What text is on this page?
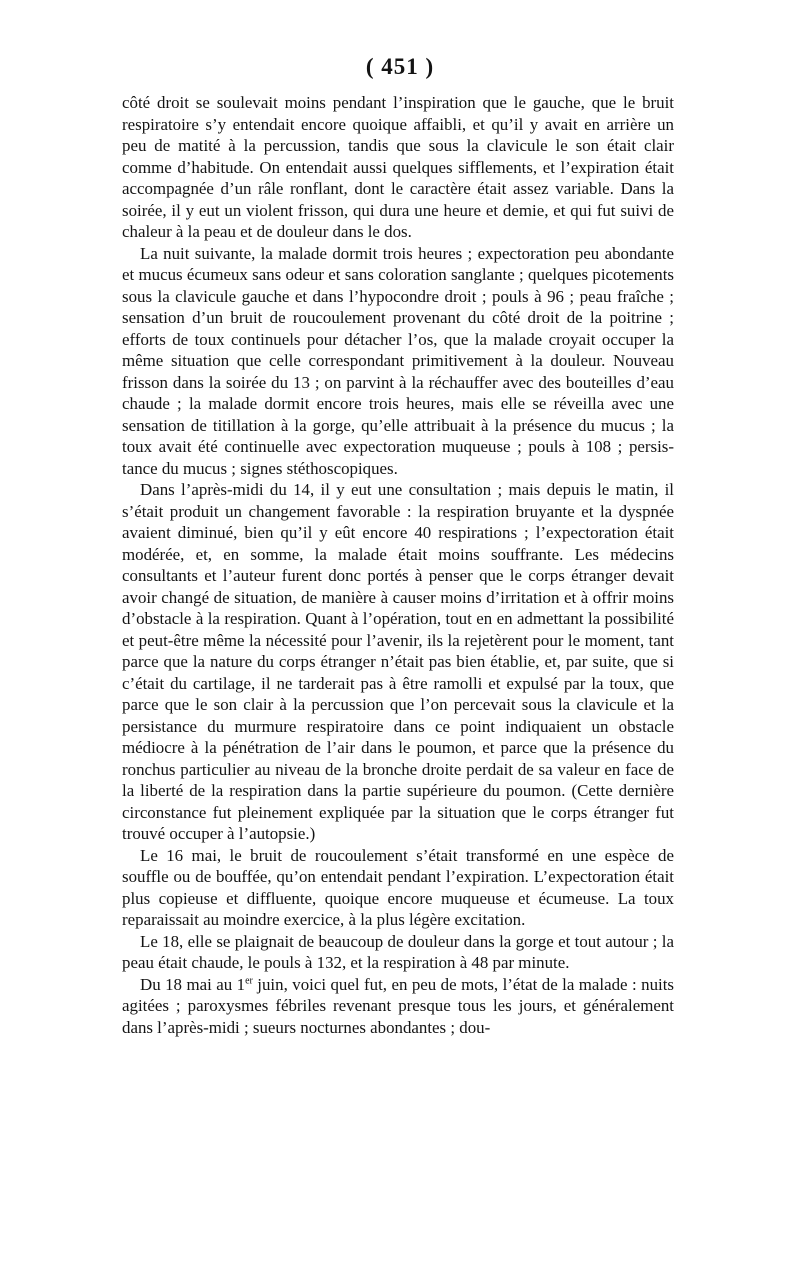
( 451 )

côté droit se soulevait moins pendant l’inspiration que le gauche, que le bruit respiratoire s’y entendait encore quoique affaibli, et qu’il y avait en arrière un peu de matité à la percussion, tandis que sous la clavicule le son était clair comme d’habitude. On entendait aussi quelques sifflements, et l’expiration était accompagnée d’un râle ronflant, dont le caractère était assez variable. Dans la soirée, il y eut un violent frisson, qui dura une heure et demie, et qui fut suivi de chaleur à la peau et de douleur dans le dos.

La nuit suivante, la malade dormit trois heures ; expectoration peu abondante et mucus écumeux sans odeur et sans coloration sanglante ; quelques picotements sous la clavicule gauche et dans l’hypocondre droit ; pouls à 96 ; peau fraîche ; sensation d’un bruit de roucoulement provenant du côté droit de la poitrine ; efforts de toux continuels pour détacher l’os, que la malade croyait occuper la même situation que celle correspondant primitivement à la douleur. Nouveau frisson dans la soirée du 13 ; on parvint à la réchauffer avec des bouteilles d’eau chaude ; la malade dormit encore trois heures, mais elle se réveilla avec une sensation de titillation à la gorge, qu’elle attribuait à la présence du mucus ; la toux avait été continuelle avec expectoration muqueuse ; pouls à 108 ; persistance du mucus ; signes stéthoscopiques.

Dans l’après-midi du 14, il y eut une consultation ; mais depuis le matin, il s’était produit un changement favorable : la respiration bruyante et la dyspnée avaient diminué, bien qu’il y eût encore 40 respirations ; l’expectoration était modérée, et, en somme, la malade était moins souffrante. Les médecins consultants et l’auteur furent donc portés à penser que le corps étranger devait avoir changé de situation, de manière à causer moins d’irritation et à offrir moins d’obstacle à la respiration. Quant à l’opération, tout en en admettant la possibilité et peut-être même la nécessité pour l’avenir, ils la rejetèrent pour le moment, tant parce que la nature du corps étranger n’était pas bien établie, et, par suite, que si c’était du cartilage, il ne tarderait pas à être ramolli et expulsé par la toux, que parce que le son clair à la percussion que l’on percevait sous la clavicule et la persistance du murmure respiratoire dans ce point indiquaient un obstacle médiocre à la pénétration de l’air dans le poumon, et parce que la présence du ronchus particulier au niveau de la bronche droite perdait de sa valeur en face de la liberté de la respiration dans la partie supérieure du poumon. (Cette dernière circonstance fut pleinement expliquée par la situation que le corps étranger fut trouvé occuper à l’autopsie.)

Le 16 mai, le bruit de roucoulement s’était transformé en une espèce de souffle ou de bouffée, qu’on entendait pendant l’expiration. L’expectoration était plus copieuse et diffluente, quoique encore muqueuse et écumeuse. La toux reparaissait au moindre exercice, à la plus légère excitation.

Le 18, elle se plaignait de beaucoup de douleur dans la gorge et tout autour ; la peau était chaude, le pouls à 132, et la respiration à 48 par minute.

Du 18 mai au 1er juin, voici quel fut, en peu de mots, l’état de la malade : nuits agitées ; paroxysmes fébriles revenant presque tous les jours, et généralement dans l’après-midi ; sueurs nocturnes abondantes ; dou-
